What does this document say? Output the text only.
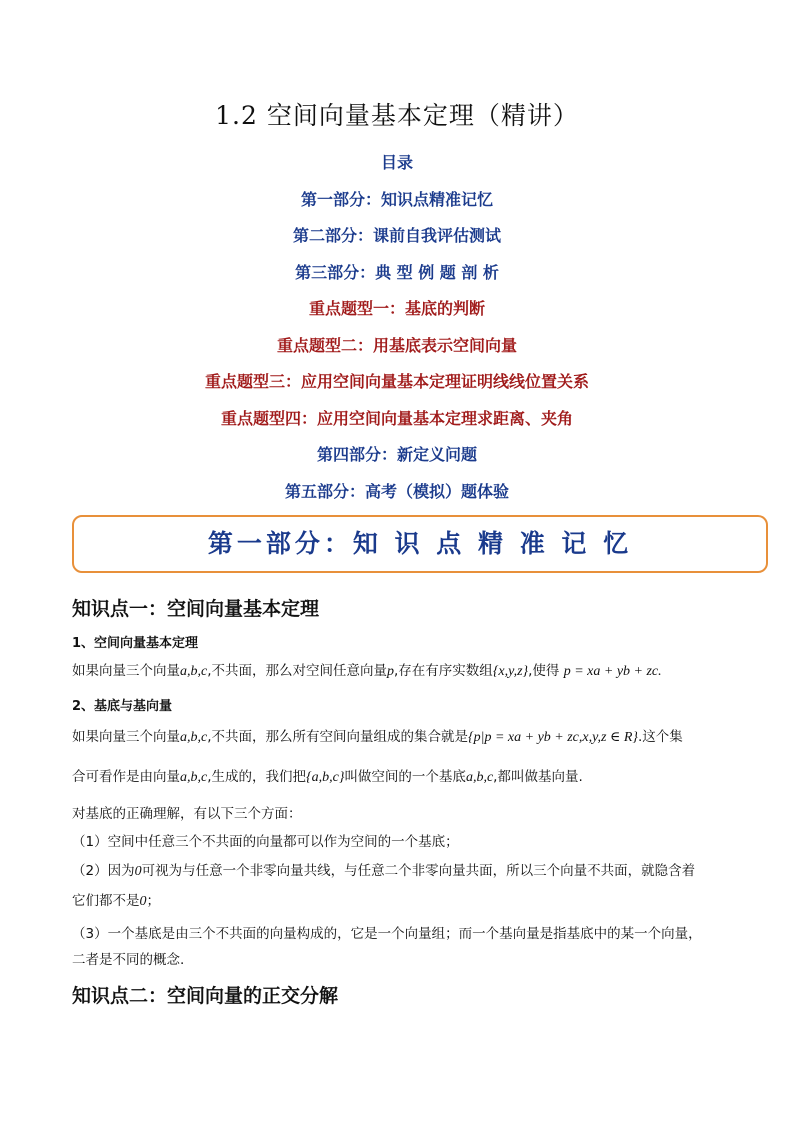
1.2 空间向量基本定理（精讲）
目录
第一部分：知识点精准记忆
第二部分：课前自我评估测试
第三部分：典 型 例 题 剖 析
重点题型一：基底的判断
重点题型二：用基底表示空间向量
重点题型三：应用空间向量基本定理证明线线位置关系
重点题型四：应用空间向量基本定理求距离、夹角
第四部分：新定义问题
第五部分：高考（模拟）题体验
第一部分：知 识 点 精 准 记 忆
知识点一：空间向量基本定理
1、空间向量基本定理
如果向量三个向量a,b,c,不共面，那么对空间任意向量p,存在有序实数组{x,y,z},使得 p = xa + yb + zc.
2、基底与基向量
如果向量三个向量a,b,c,不共面，那么所有空间向量组成的集合就是{p|p = xa + yb + zc,x,y,z ∈ R}.这个集
合可看作是由向量a,b,c,生成的，我们把{a,b,c}叫做空间的一个基底a,b,c,都叫做基向量.
对基底的正确理解，有以下三个方面：
（1）空间中任意三个不共面的向量都可以作为空间的一个基底；
（2）因为0可视为与任意一个非零向量共线，与任意二个非零向量共面，所以三个向量不共面，就隐含着
它们都不是0；
（3）一个基底是由三个不共面的向量构成的，它是一个向量组；而一个基向量是指基底中的某一个向量，
二者是不同的概念.
知识点二：空间向量的正交分解
